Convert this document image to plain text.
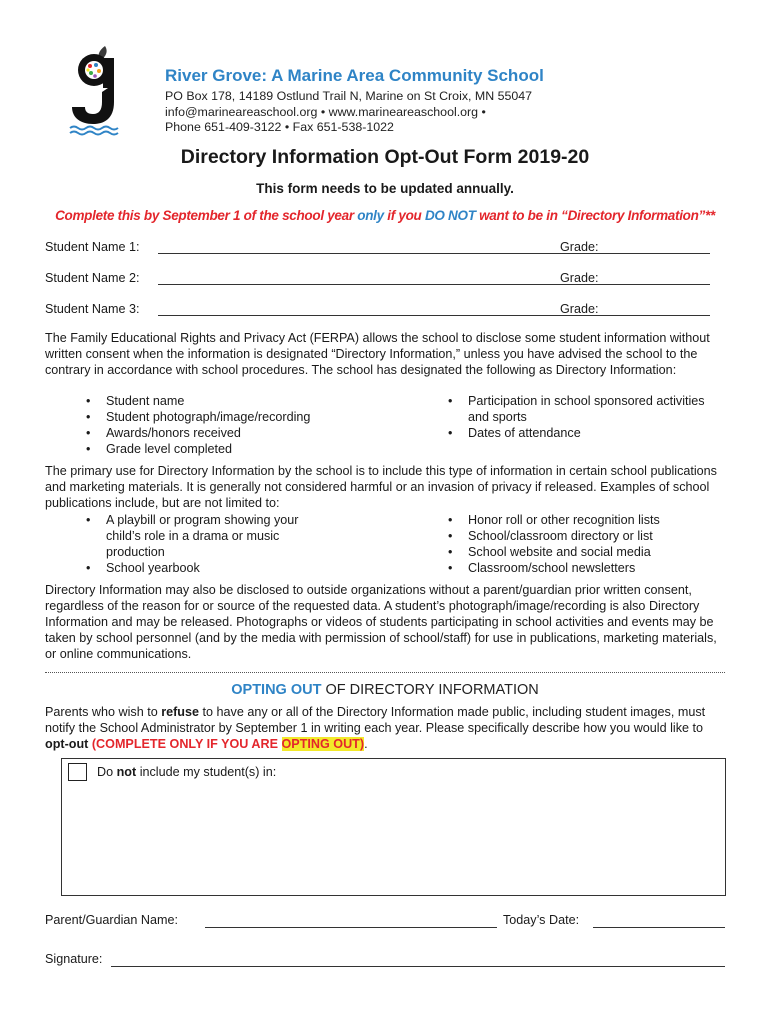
River Grove: A Marine Area Community School
PO Box 178, 14189 Ostlund Trail N, Marine on St Croix, MN 55047
info@marineareaschool.org • www.marineareaschool.org •
Phone 651-409-3122 • Fax 651-538-1022
Directory Information Opt-Out Form 2019-20
This form needs to be updated annually.
Complete this by September 1 of the school year only if you DO NOT want to be in “Directory Information”**
Student Name 1:	Grade:
Student Name 2:	Grade:
Student Name 3:	Grade:
The Family Educational Rights and Privacy Act (FERPA) allows the school to disclose some student information without written consent when the information is designated “Directory Information,” unless you have advised the school to the contrary in accordance with school procedures. The school has designated the following as Directory Information:
• Student name
• Student photograph/image/recording
• Awards/honors received
• Grade level completed
• Participation in school sponsored activities and sports
• Dates of attendance
The primary use for Directory Information by the school is to include this type of information in certain school publications and marketing materials. It is generally not considered harmful or an invasion of privacy if released. Examples of school publications include, but are not limited to:
• A playbill or program showing your child’s role in a drama or music production
• School yearbook
• Honor roll or other recognition lists
• School/classroom directory or list
• School website and social media
• Classroom/school newsletters
Directory Information may also be disclosed to outside organizations without a parent/guardian prior written consent, regardless of the reason for or source of the requested data. A student’s photograph/image/recording is also Directory Information and may be released. Photographs or videos of students participating in school activities and events may be taken by school personnel (and by the media with permission of school/staff) for use in publications, marketing materials, or online communications.
OPTING OUT OF DIRECTORY INFORMATION
Parents who wish to refuse to have any or all of the Directory Information made public, including student images, must notify the School Administrator by September 1 in writing each year. Please specifically describe how you would like to opt-out (COMPLETE ONLY IF YOU ARE OPTING OUT).
Do not include my student(s) in:
Parent/Guardian Name:	Today’s Date:
Signature:
